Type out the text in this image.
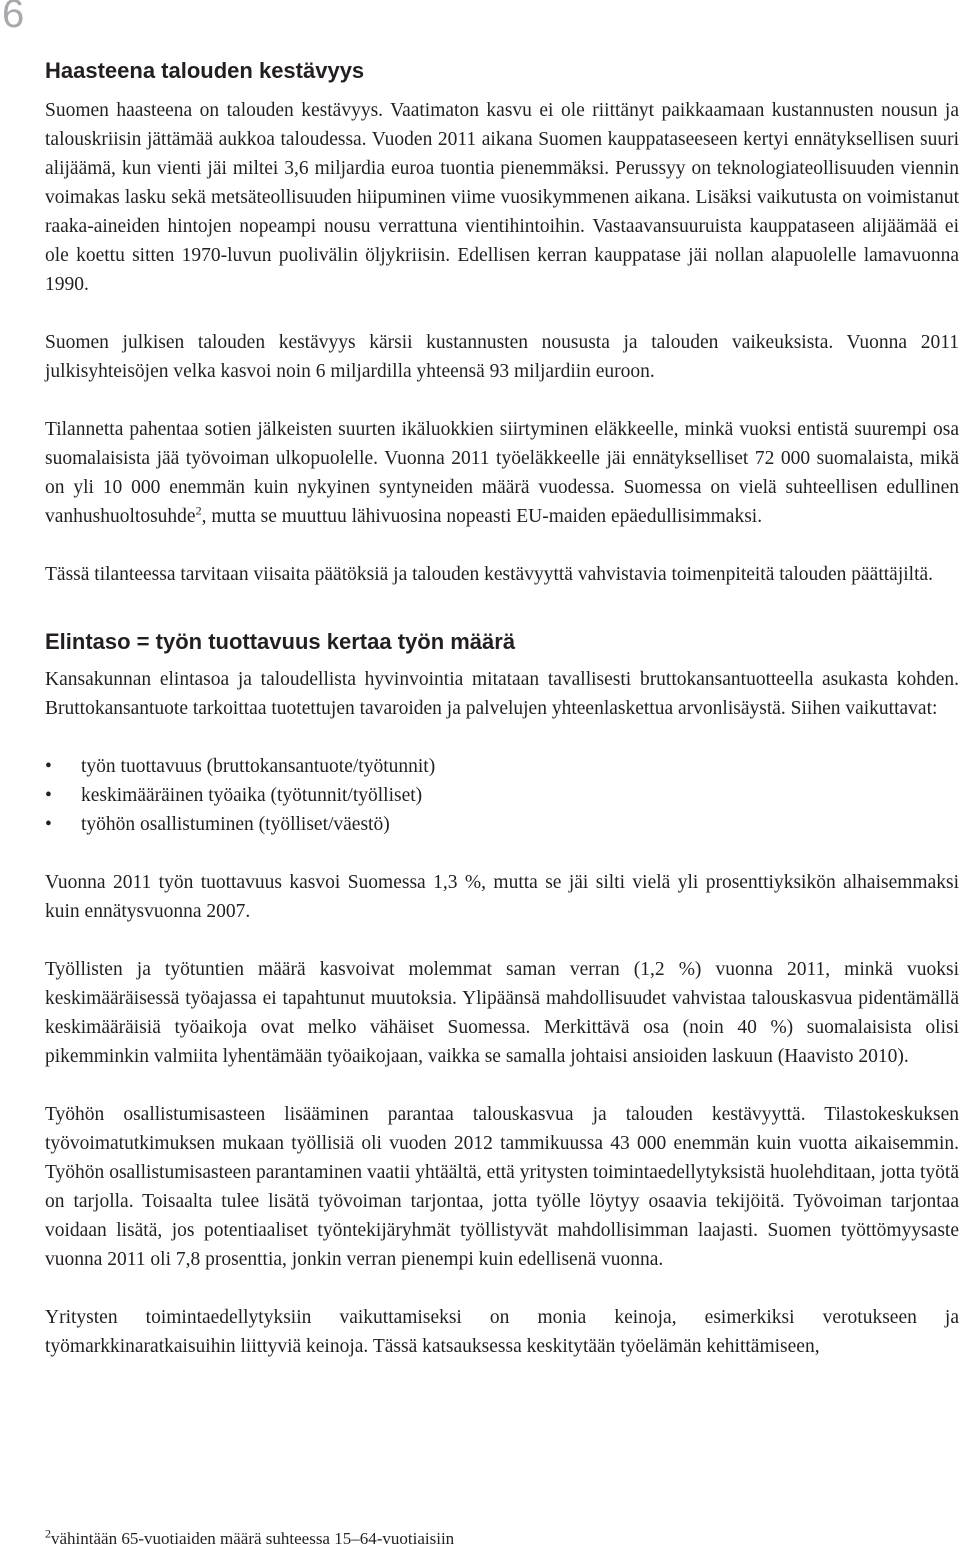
6
Haasteena talouden kestävyys

Suomen haasteena on talouden kestävyys. Vaatimaton kasvu ei ole riittänyt paikkaamaan kustannusten nousun ja talouskriisin jättämää aukkoa taloudessa. Vuoden 2011 aikana Suomen kauppataseeseen kertyi ennätyksellisen suuri alijäämä, kun vienti jäi miltei 3,6 miljardia euroa tuontia pienemmäksi. Perussyy on teknologiateollisuuden viennin voimakas lasku sekä metsäteollisuuden hiipuminen viime vuosikymmenen aikana. Lisäksi vaikutusta on voimistanut raaka-aineiden hintojen nopeampi nousu verrattuna vientihintoihin. Vastaavansuuruista kauppataseen alijäämää ei ole koettu sitten 1970-luvun puolivälin öljykriisin. Edellisen kerran kauppatase jäi nollan alapuolelle lamavuonna 1990.

Suomen julkisen talouden kestävyys kärsii kustannusten noususta ja talouden vaikeuksista. Vuonna 2011 julkisyhteisöjen velka kasvoi noin 6 miljardilla yhteensä 93 miljardiin euroon.

Tilannetta pahentaa sotien jälkeisten suurten ikäluokkien siirtyminen eläkkeelle, minkä vuoksi entistä suurempi osa suomalaisista jää työvoiman ulkopuolelle. Vuonna 2011 työeläkkeelle jäi ennätykselliset 72 000 suomalaista, mikä on yli 10 000 enemmän kuin nykyinen syntyneiden määrä vuodessa. Suomessa on vielä suhteellisen edullinen vanhushuoltosuhde$^2$, mutta se muuttuu lähivuosina nopeasti EU-maiden epäedullisimmaksi.

Tässä tilanteessa tarvitaan viisaita päätöksiä ja talouden kestävyyttä vahvistavia toimenpiteitä talouden päättäjiltä.

Elintaso = työn tuottavuus kertaa työn määrä

Kansakunnan elintasoa ja taloudellista hyvinvointia mitataan tavallisesti bruttokansantuotteella asukasta kohden. Bruttokansantuote tarkoittaa tuotettujen tavaroiden ja palvelujen yhteenlaskettua arvonlisäystä. Siihen vaikuttavat:

• työn tuottavuus (bruttokansantuote/työtunnit)
• keskimääräinen työaika (työtunnit/työlliset)
• työhön osallistuminen (työlliset/väestö)

Vuonna 2011 työn tuottavuus kasvoi Suomessa 1,3 %, mutta se jäi silti vielä yli prosenttiyksikön alhaisemmaksi kuin ennätysvuonna 2007.

Työllisten ja työtuntien määrä kasvoivat molemmat saman verran (1,2 %) vuonna 2011, minkä vuoksi keskimääräisessä työajassa ei tapahtunut muutoksia. Ylipäänsä mahdollisuudet vahvistaa talouskasvua pidentämällä keskimääräisiä työaikoja ovat melko vähäiset Suomessa. Merkittävä osa (noin 40 %) suomalaisista olisi pikemminkin valmiita lyhentämään työaikojaan, vaikka se samalla johtaisi ansioiden laskuun (Haavisto 2010).

Työhön osallistumisasteen lisääminen parantaa talouskasvua ja talouden kestävyyttä. Tilastokeskuksen työvoimatutkimuksen mukaan työllisiä oli vuoden 2012 tammikuussa 43 000 enemmän kuin vuotta aikaisemmin. Työhön osallistumisasteen parantaminen vaatii yhtäältä, että yritysten toimintaedellytyksistä huolehditaan, jotta työtä on tarjolla. Toisaalta tulee lisätä työvoiman tarjontaa, jotta työlle löytyy osaavia tekijöitä. Työvoiman tarjontaa voidaan lisätä, jos potentiaaliset työntekijäryhmät työllistyvät mahdollisimman laajasti. Suomen työttömyysaste vuonna 2011 oli 7,8 prosenttia, jonkin verran pienempi kuin edellisenä vuonna.

Yritysten toimintaedellytyksiin vaikuttamiseksi on monia keinoja, esimerkiksi verotukseen ja työmarkkinaratkaisuihin liittyviä keinoja. Tässä katsauksessa keskitytään työelämän kehittämiseen,

$^2$vähintään 65-vuotiaiden määrä suhteessa 15–64-vuotiaisiin
